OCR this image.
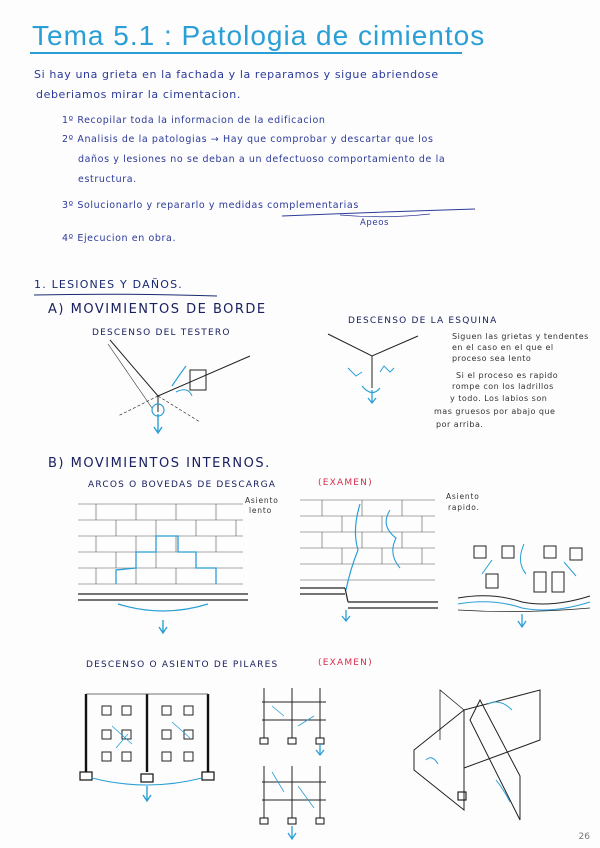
Tema 5.1 : Patologia de cimientos
Si hay una grieta en la fachada y la reparamos y sigue abriendose
deberiamos mirar la cimentacion.
1º Recopilar toda la informacion de la edificacion
2º Analisis de la patologias → Hay que comprobar y descartar que los
daños y lesiones no se deban a un defectuoso comportamiento de la
estructura.
3º Solucionarlo y repararlo y medidas complementarias
Apeos
4º Ejecucion en obra.
1. LESIONES Y DAÑOS.
A) MOVIMIENTOS DE BORDE
DESCENSO DEL TESTERO
DESCENSO DE LA ESQUINA
Siguen las grietas y tendentes
en el caso en el que el
proceso sea lento
Si el proceso es rapido
rompe con los ladrillos
y todo. Los labios son
mas gruesos por abajo que
por arriba.
B) MOVIMIENTOS INTERNOS.
ARCOS O BOVEDAS DE DESCARGA	(EXAMEN)
Asiento
lento
Asiento
rapido.
DESCENSO O ASIENTO DE PILARES	(EXAMEN)
26
